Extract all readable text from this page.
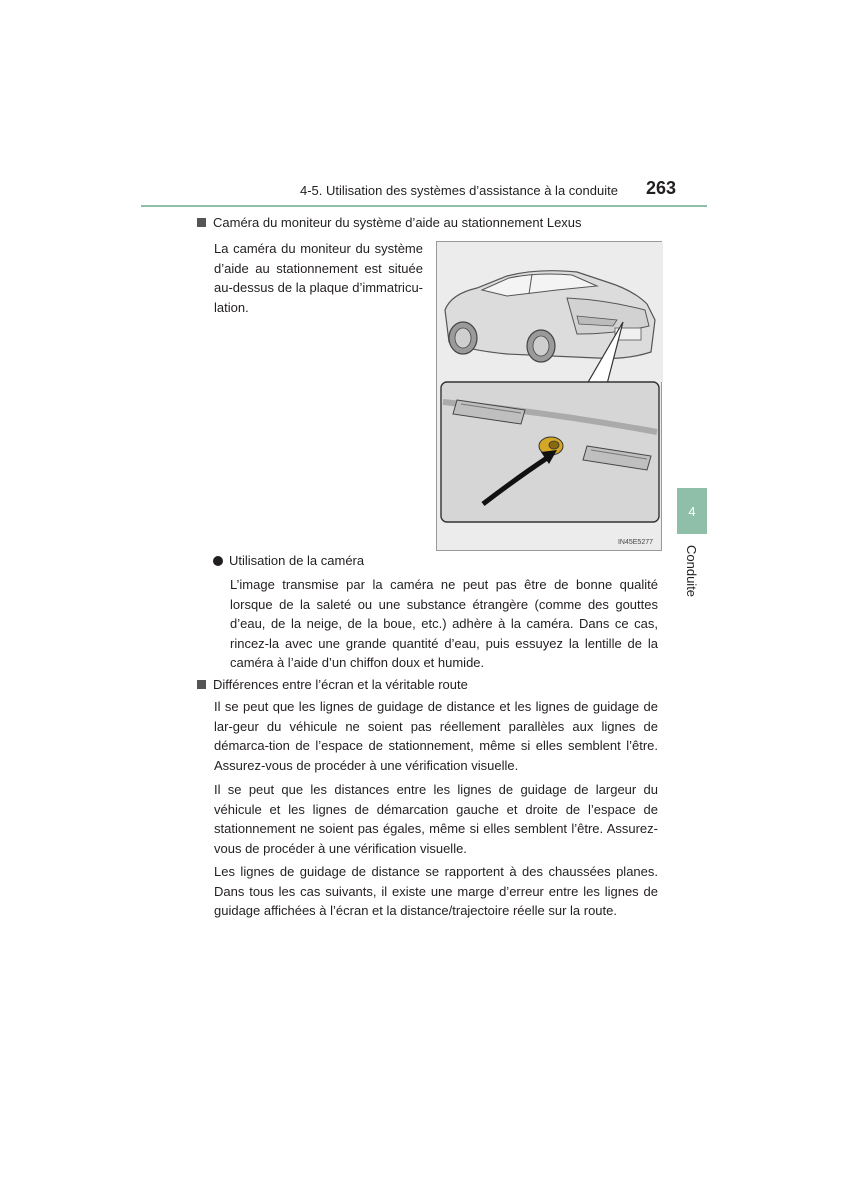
4-5. Utilisation des systèmes d’assistance à la conduite	263
Caméra du moniteur du système d’aide au stationnement Lexus

La caméra du moniteur du système d’aide au stationnement est située au-dessus de la plaque d’immatricu-lation.

IN45E5277
Utilisation de la caméra

L’image transmise par la caméra ne peut pas être de bonne qualité lorsque de la saleté ou une substance étrangère (comme des gouttes d’eau, de la neige, de la boue, etc.) adhère à la caméra. Dans ce cas, rincez-la avec une grande quantité d’eau, puis essuyez la lentille de la caméra à l’aide d’un chiffon doux et humide.

Différences entre l’écran et la véritable route

Il se peut que les lignes de guidage de distance et les lignes de guidage de lar-geur du véhicule ne soient pas réellement parallèles aux lignes de démarca-tion de l’espace de stationnement, même si elles semblent l’être. Assurez-vous de procéder à une vérification visuelle.

Il se peut que les distances entre les lignes de guidage de largeur du véhicule et les lignes de démarcation gauche et droite de l’espace de stationnement ne soient pas égales, même si elles semblent l’être. Assurez-vous de procéder à une vérification visuelle.

Les lignes de guidage de distance se rapportent à des chaussées planes. Dans tous les cas suivants, il existe une marge d’erreur entre les lignes de guidage affichées à l’écran et la distance/trajectoire réelle sur la route.

4
Conduite
